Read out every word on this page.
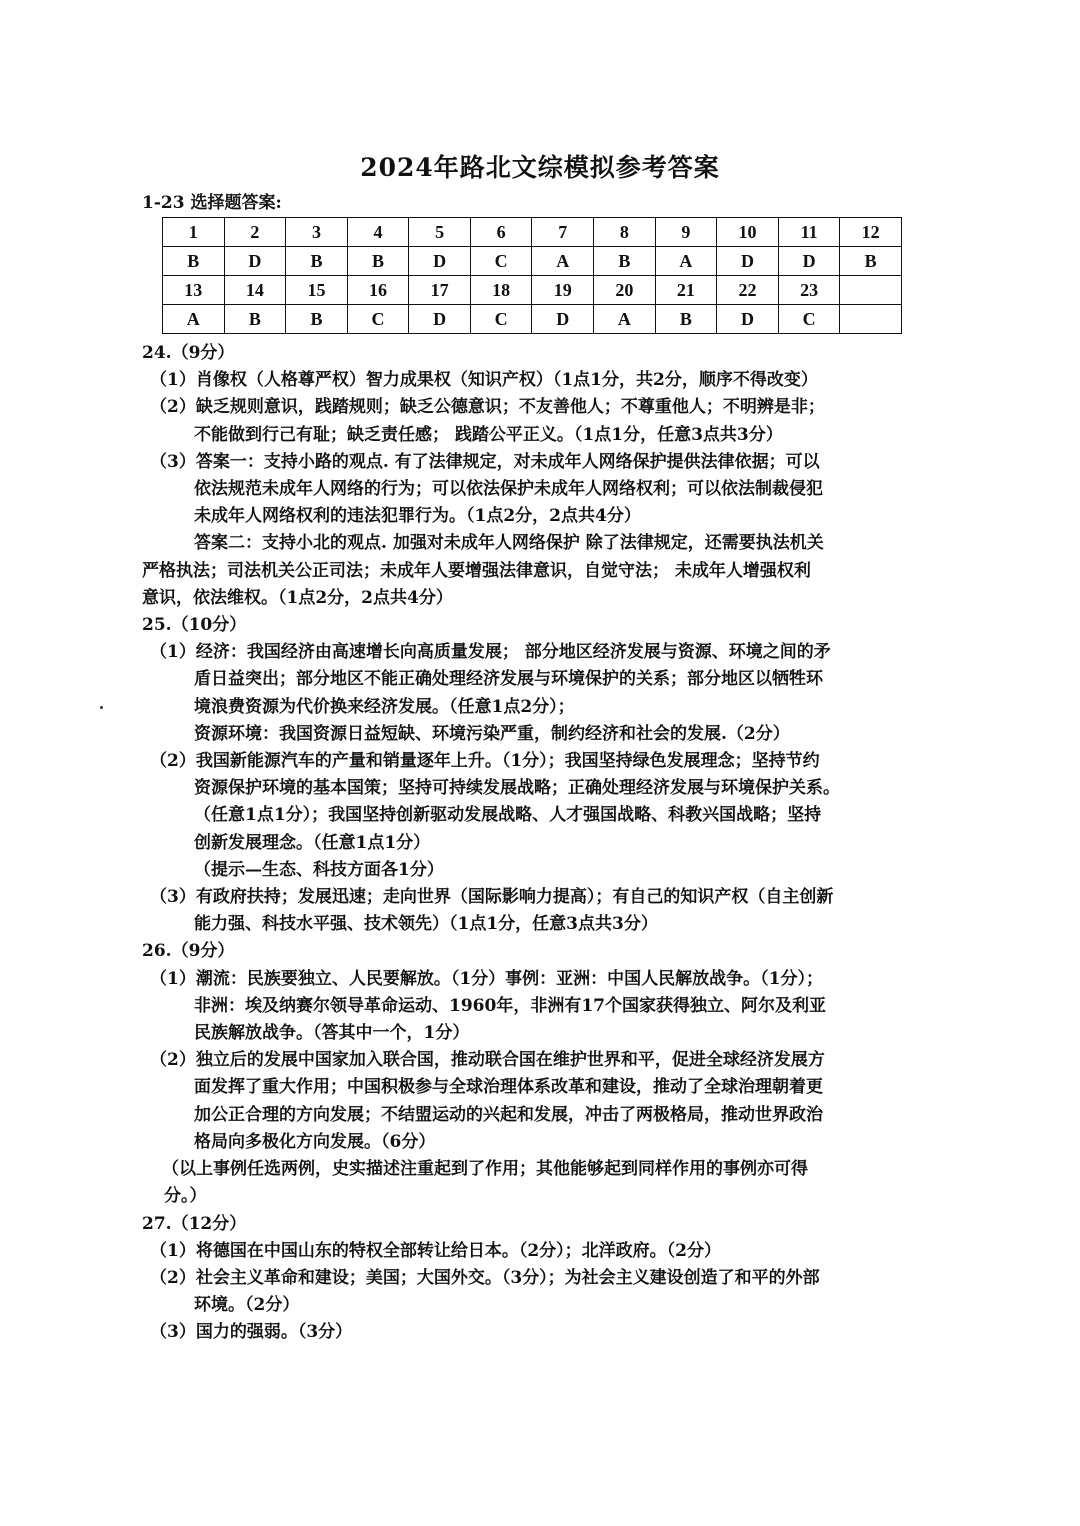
2024年路北文综模拟参考答案
1-23 选择题答案:
1	2	3	4	5	6	7	8	9	10	11	12
B	D	B	B	D	C	A	B	A	D	D	B
13	14	15	16	17	18	19	20	21	22	23	
A	B	B	C	D	C	D	A	B	D	C	

24.（9分）

（1）肖像权（人格尊严权）智力成果权（知识产权）（1点1分，共2分，顺序不得改变）

（2）缺乏规则意识，践踏规则；缺乏公德意识；不友善他人；不尊重他人；不明辨是非；

不能做到行己有耻；缺乏责任感； 践踏公平正义。（1点1分，任意3点共3分）

（3）答案一：支持小路的观点. 有了法律规定，对未成年人网络保护提供法律依据；可以

依法规范未成年人网络的行为；可以依法保护未成年人网络权利；可以依法制裁侵犯

未成年人网络权利的违法犯罪行为。（1点2分，2点共4分）

答案二：支持小北的观点. 加强对未成年人网络保护 除了法律规定，还需要执法机关

严格执法；司法机关公正司法；未成年人要增强法律意识，自觉守法； 未成年人增强权利

意识，依法维权。（1点2分，2点共4分）

25.（10分）

（1）经济：我国经济由高速增长向高质量发展； 部分地区经济发展与资源、环境之间的矛

盾日益突出；部分地区不能正确处理经济发展与环境保护的关系；部分地区以牺牲环

境浪费资源为代价换来经济发展。（任意1点2分）；

资源环境：我国资源日益短缺、环境污染严重，制约经济和社会的发展.（2分）

（2）我国新能源汽车的产量和销量逐年上升。（1分）；我国坚持绿色发展理念；坚持节约

资源保护环境的基本国策；坚持可持续发展战略；正确处理经济发展与环境保护关系。

（任意1点1分）；我国坚持创新驱动发展战略、人才强国战略、科教兴国战略；坚持

创新发展理念。（任意1点1分）

（提示—生态、科技方面各1分）

（3）有政府扶持；发展迅速；走向世界（国际影响力提高）；有自己的知识产权（自主创新

能力强、科技水平强、技术领先）（1点1分，任意3点共3分）

26.（9分）

（1）潮流：民族要独立、人民要解放。（1分）事例：亚洲：中国人民解放战争。（1分）；

非洲：埃及纳赛尔领导革命运动、1960年，非洲有17个国家获得独立、阿尔及利亚

民族解放战争。（答其中一个，1分）

（2）独立后的发展中国家加入联合国，推动联合国在维护世界和平，促进全球经济发展方

面发挥了重大作用；中国积极参与全球治理体系改革和建设，推动了全球治理朝着更

加公正合理的方向发展；不结盟运动的兴起和发展，冲击了两极格局，推动世界政治

格局向多极化方向发展。（6分）

（以上事例任选两例，史实描述注重起到了作用；其他能够起到同样作用的事例亦可得

分。）

27.（12分）

（1）将德国在中国山东的特权全部转让给日本。（2分）；北洋政府。（2分）

（2）社会主义革命和建设；美国；大国外交。（3分）；为社会主义建设创造了和平的外部

环境。（2分）

（3）国力的强弱。（3分）
